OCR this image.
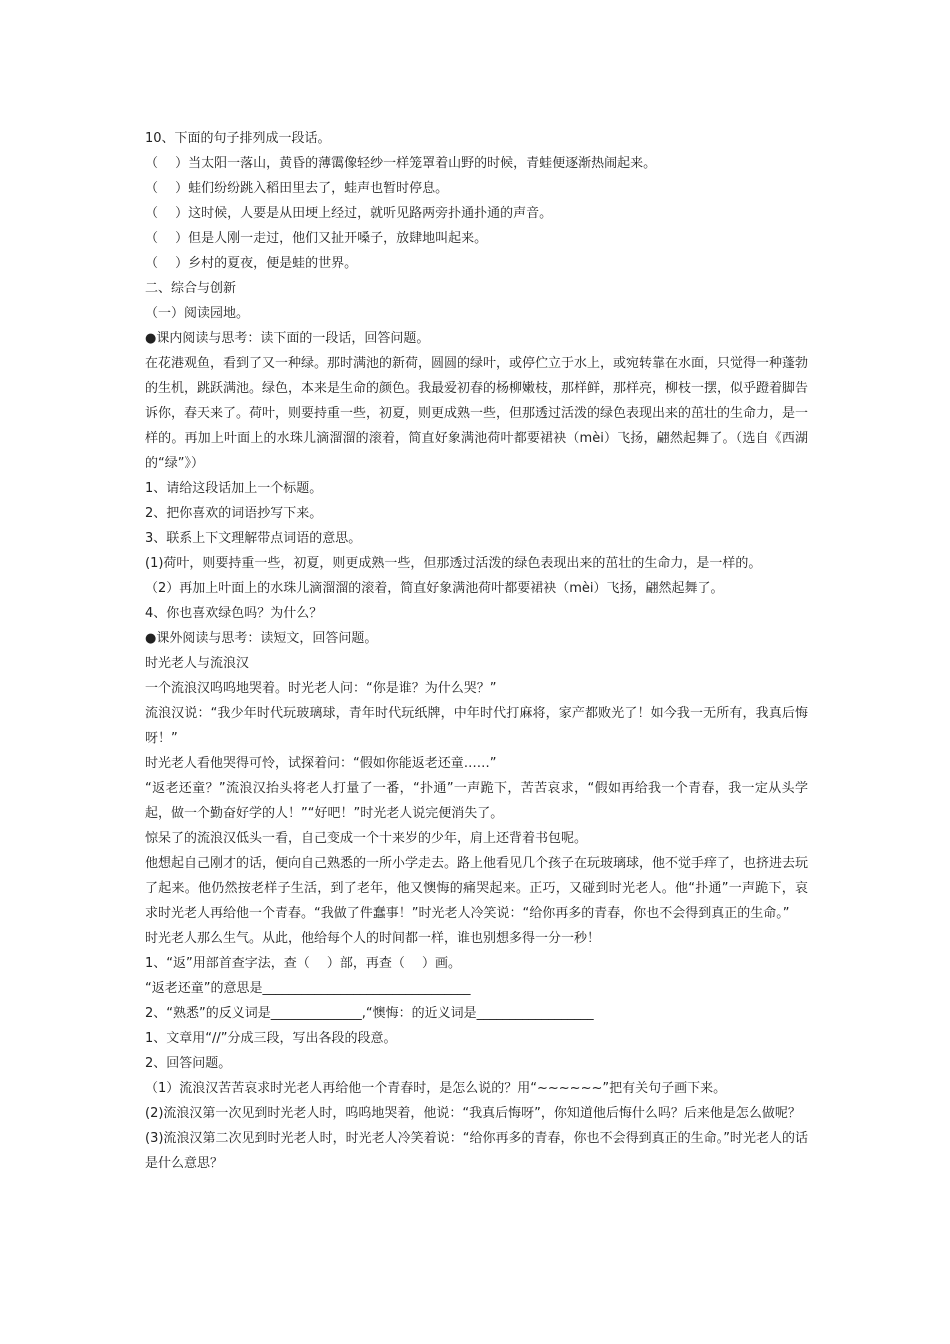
10、下面的句子排列成一段话。

（　 ）当太阳一落山，黄昏的薄霭像轻纱一样笼罩着山野的时候，青蛙便逐渐热闹起来。

（　 ）蛙们纷纷跳入稻田里去了，蛙声也暂时停息。

（　 ）这时候，人要是从田埂上经过，就听见路两旁扑通扑通的声音。

（　 ）但是人刚一走过，他们又扯开嗓子，放肆地叫起来。

（　 ）乡村的夏夜，便是蛙的世界。

二、综合与创新

（一）阅读园地。

●课内阅读与思考：读下面的一段话，回答问题。

在花港观鱼，看到了又一种绿。那时满池的新荷，圆圆的绿叶，或停伫立于水上，或宛转靠在水面，只觉得一种蓬勃的生机，跳跃满池。绿色，本来是生命的颜色。我最爱初春的杨柳嫩枝，那样鲜，那样亮，柳枝一摆，似乎蹬着脚告诉你，春天来了。荷叶，则要持重一些，初夏，则更成熟一些，但那透过活泼的绿色表现出来的茁壮的生命力，是一样的。再加上叶面上的水珠儿滴溜溜的滚着，简直好象满池荷叶都要裙袂（mèi）飞扬，翩然起舞了。（选自《西湖的“绿”》）

1、请给这段话加上一个标题。

2、把你喜欢的词语抄写下来。

3、联系上下文理解带点词语的意思。

(1)荷叶，则要持重一些，初夏，则更成熟一些，但那透过活泼的绿色表现出来的茁壮的生命力，是一样的。

（2）再加上叶面上的水珠儿滴溜溜的滚着，简直好象满池荷叶都要裙袂（mèi）飞扬，翩然起舞了。

4、你也喜欢绿色吗？为什么？

●课外阅读与思考：读短文，回答问题。

时光老人与流浪汉

一个流浪汉呜呜地哭着。时光老人问：“你是谁？为什么哭？”

流浪汉说：“我少年时代玩玻璃球，青年时代玩纸牌，中年时代打麻将，家产都败光了！如今我一无所有，我真后悔呀！”

时光老人看他哭得可怜，试探着问：“假如你能返老还童……”

“返老还童？”流浪汉抬头将老人打量了一番，“扑通”一声跪下，苦苦哀求，“假如再给我一个青春，我一定从头学起，做一个勤奋好学的人！”“好吧！”时光老人说完便消失了。

惊呆了的流浪汉低头一看，自己变成一个十来岁的少年，肩上还背着书包呢。

他想起自己刚才的话，便向自己熟悉的一所小学走去。路上他看见几个孩子在玩玻璃球，他不觉手痒了，也挤进去玩了起来。他仍然按老样子生活，到了老年，他又懊悔的痛哭起来。正巧，又碰到时光老人。他“扑通”一声跪下，哀求时光老人再给他一个青春。“我做了件蠢事！”时光老人冷笑说：“给你再多的青春，你也不会得到真正的生命。”

时光老人那么生气。从此，他给每个人的时间都一样，谁也别想多得一分一秒！

1、“返”用部首查字法，查（　 ）部，再查（　 ）画。

“返老还童”的意思是________________________________

2、“熟悉”的反义词是______________,“懊悔：的近义词是__________________

1、文章用“//”分成三段，写出各段的段意。

2、回答问题。

（1）流浪汉苦苦哀求时光老人再给他一个青春时，是怎么说的？用“~~~~~~”把有关句子画下来。

(2)流浪汉第一次见到时光老人时，呜呜地哭着，他说：“我真后悔呀”，你知道他后悔什么吗？后来他是怎么做呢？

(3)流浪汉第二次见到时光老人时，时光老人冷笑着说：“给你再多的青春，你也不会得到真正的生命。”时光老人的话是什么意思？
